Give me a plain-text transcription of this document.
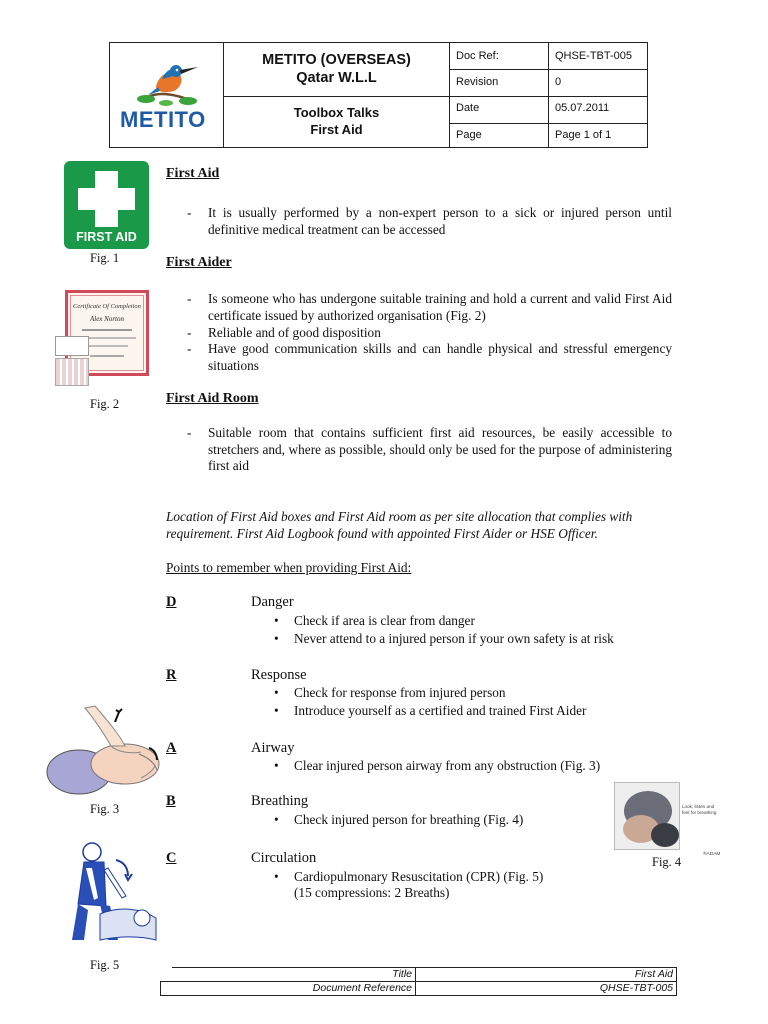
Doc Ref:	QHSE-TBT-005
Revision	0
Date	05.07.2011
Page	Page 1 of 1
METITO (OVERSEAS)
Qatar W.L.L
Toolbox Talks
First Aid
METITO
FIRST AID
Fig. 1
Certificate Of Completion
Alex Norton
Fig. 2
First Aid
- It is usually performed by a non-expert person to a sick or injured person until definitive medical treatment can be accessed
First Aider
- Is someone who has undergone suitable training and hold a current and valid First Aid certificate issued by authorized organisation (Fig. 2)
- Reliable and of good disposition
- Have good communication skills and can handle physical and stressful emergency situations
First Aid Room
- Suitable room that contains sufficient first aid resources, be easily accessible to stretchers and, where as possible, should only be used for the purpose of administering first aid
Location of First Aid boxes and First Aid room as per site allocation that complies with requirement. First Aid Logbook found with appointed First Aider or HSE Officer.
Points to remember when providing First Aid:
D	Danger
• Check if area is clear from danger
• Never attend to a injured person if your own safety is at risk
R	Response
• Check for response from injured person
• Introduce yourself as a certified and trained First Aider
A	Airway
• Clear injured person airway from any obstruction (Fig. 3)
B	Breathing
• Check injured person for breathing (Fig. 4)
C	Circulation
• Cardiopulmonary Resuscitation (CPR) (Fig. 5)
(15 compressions: 2 Breaths)
Fig. 3	Look, listen and
feel for breathing
®ADAM
Fig. 4
Fig. 5
Title	First Aid
Document Reference	QHSE-TBT-005
